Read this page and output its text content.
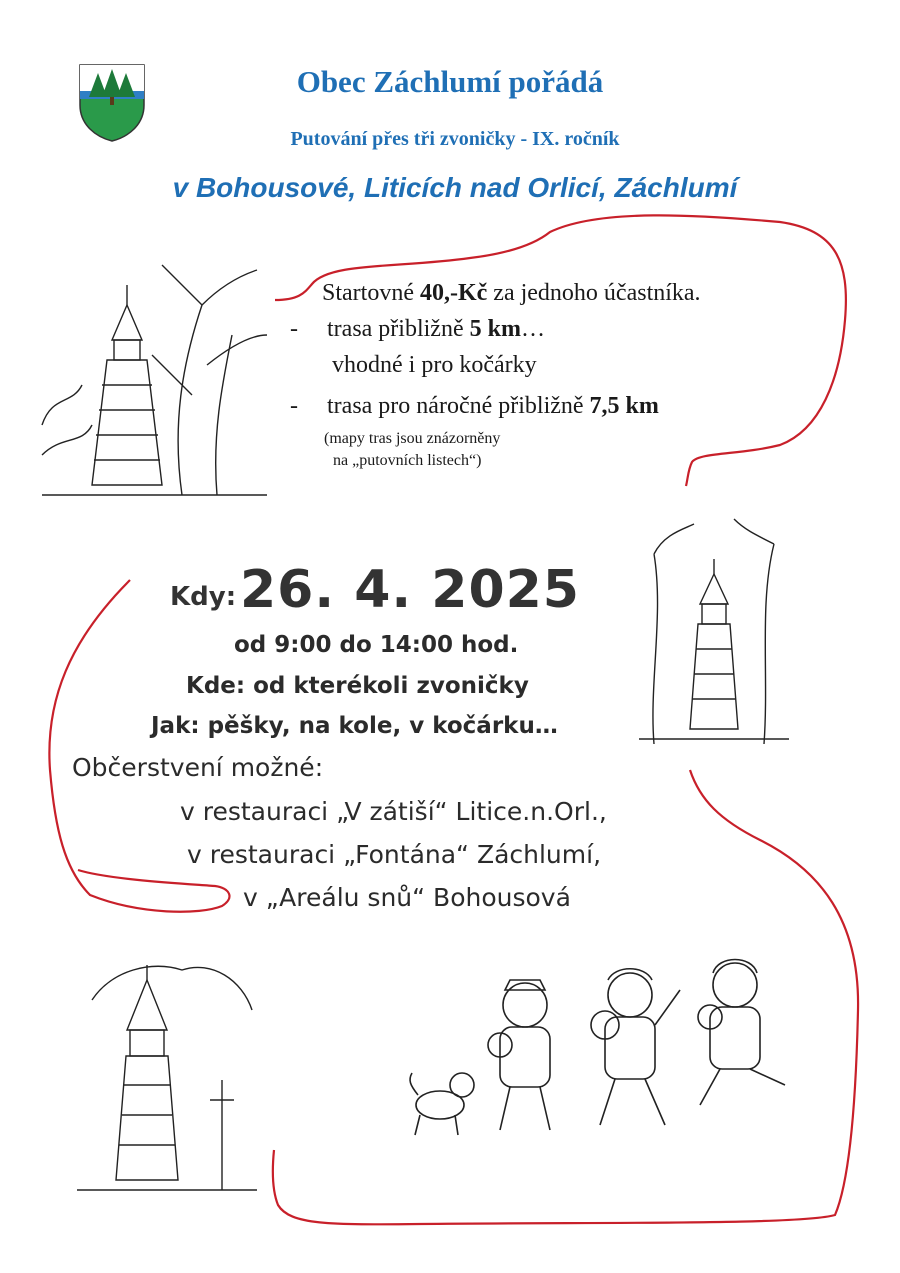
Obec Záchlumí pořádá
Putování přes tři zvoničky - IX. ročník
v Bohousové, Liticích nad Orlicí, Záchlumí
Startovné 40,-Kč za jednoho účastníka.
- trasa přibližně 5 km…
vhodné i pro kočárky
- trasa pro náročné přibližně 7,5 km
(mapy tras jsou znázorněny
na „putovních listech“)
Kdy: 26. 4. 2025
od 9:00 do 14:00 hod.
Kde: od kterékoli zvoničky
Jak: pěšky, na kole, v kočárku…
Občerstvení možné:
v restauraci „V zátiší“ Litice.n.Orl.,
v restauraci „Fontána“ Záchlumí,
v „Areálu snů“ Bohousová
